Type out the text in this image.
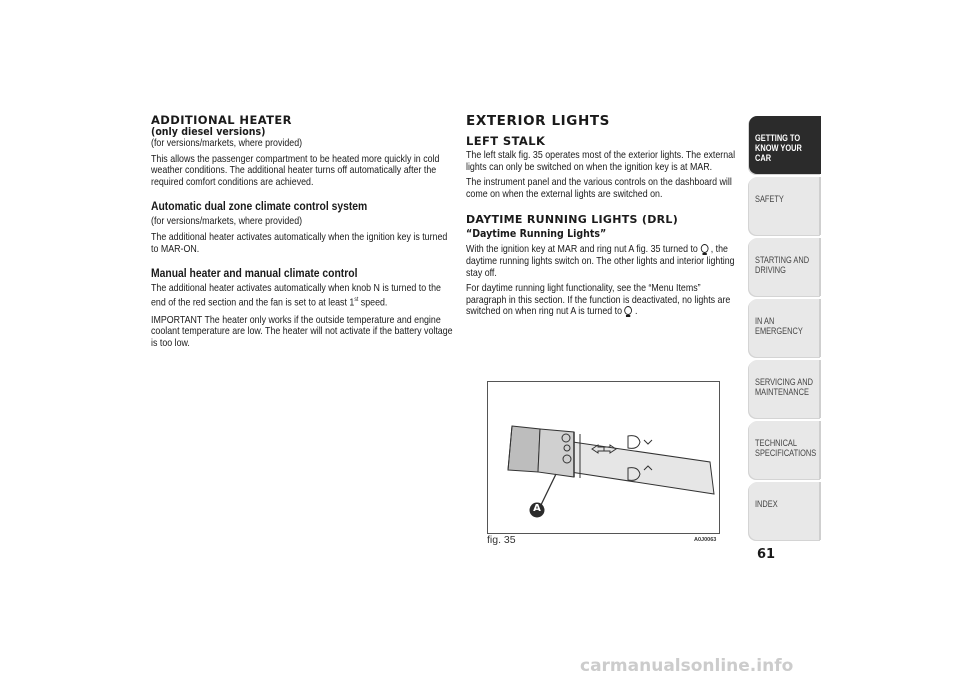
ADDITIONAL HEATER
(only diesel versions)
(for versions/markets, where provided)
This allows the passenger compartment to be heated more quickly in cold weather conditions. The additional heater turns off automatically after the required comfort conditions are achieved.
Automatic dual zone climate control system
(for versions/markets, where provided)
The additional heater activates automatically when the ignition key is turned to MAR-ON.
Manual heater and manual climate control
The additional heater activates automatically when knob N is turned to the end of the red section and the fan is set to at least 1st speed.
IMPORTANT The heater only works if the outside temperature and engine coolant temperature are low. The heater will not activate if the battery voltage is too low.
EXTERIOR LIGHTS
LEFT STALK
The left stalk fig. 35 operates most of the exterior lights. The external lights can only be switched on when the ignition key is at MAR.
The instrument panel and the various controls on the dashboard will come on when the external lights are switched on.
DAYTIME RUNNING LIGHTS (DRL)
“Daytime Running Lights”
With the ignition key at MAR and ring nut A fig. 35 turned to , the daytime running lights switch on. The other lights and interior lighting stay off.
For daytime running light functionality, see the “Menu Items” paragraph in this section. If the function is deactivated, no lights are switched on when ring nut A is turned to .
A
fig. 35	A0J0063
GETTING TO KNOW YOUR CAR
SAFETY
STARTING AND DRIVING
IN AN EMERGENCY
SERVICING AND MAINTENANCE
TECHNICAL SPECIFICATIONS
INDEX
61
carmanualsonline.info
